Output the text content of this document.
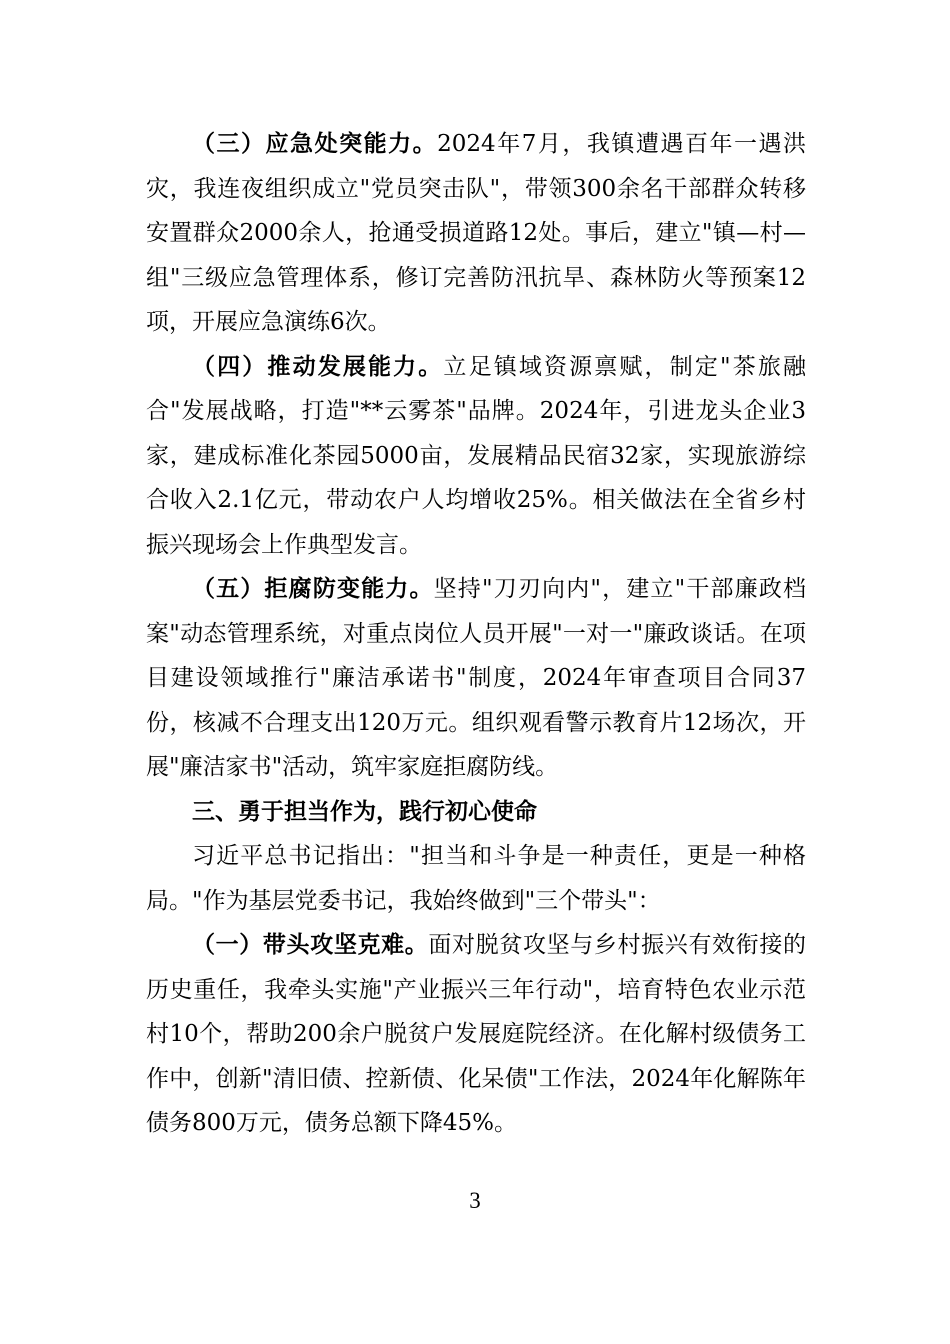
（三）应急处突能力。2024年7月，我镇遭遇百年一遇洪灾，我连夜组织成立"党员突击队"，带领300余名干部群众转移安置群众2000余人，抢通受损道路12处。事后，建立"镇—村—组"三级应急管理体系，修订完善防汛抗旱、森林防火等预案12项，开展应急演练6次。

（四）推动发展能力。立足镇域资源禀赋，制定"茶旅融合"发展战略，打造"**云雾茶"品牌。2024年，引进龙头企业3家，建成标准化茶园5000亩，发展精品民宿32家，实现旅游综合收入2.1亿元，带动农户人均增收25%。相关做法在全省乡村振兴现场会上作典型发言。

（五）拒腐防变能力。坚持"刀刃向内"，建立"干部廉政档案"动态管理系统，对重点岗位人员开展"一对一"廉政谈话。在项目建设领域推行"廉洁承诺书"制度，2024年审查项目合同37份，核减不合理支出120万元。组织观看警示教育片12场次，开展"廉洁家书"活动，筑牢家庭拒腐防线。

三、勇于担当作为，践行初心使命

习近平总书记指出："担当和斗争是一种责任，更是一种格局。"作为基层党委书记，我始终做到"三个带头"：

（一）带头攻坚克难。面对脱贫攻坚与乡村振兴有效衔接的历史重任，我牵头实施"产业振兴三年行动"，培育特色农业示范村10个，帮助200余户脱贫户发展庭院经济。在化解村级债务工作中，创新"清旧债、控新债、化呆债"工作法，2024年化解陈年债务800万元，债务总额下降45%。

3
